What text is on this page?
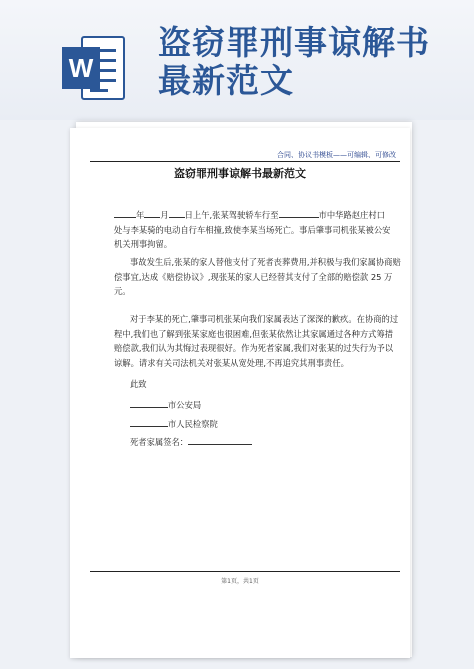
W
盗窃罪刑事谅解书
最新范文
合同、协议书模板——可编辑、可修改
盗窃罪刑事谅解书最新范文
年 月 日上午,张某驾驶轿车行至	市中华路赵庄村口
处与李某骑的电动自行车相撞,致使李某当场死亡。事后肇事司机张某被公安
机关刑事拘留。
事故发生后,张某的家人替他支付了死者丧葬费用,并积极与我们家属协商赔
偿事宜,达成《赔偿协议》,现张某的家人已经替其支付了全部的赔偿款 25 万
元。
对于李某的死亡,肇事司机张某向我们家属表达了深深的歉疚。在协商的过
程中,我们也了解到张某家庭也很困难,但张某依然让其家属通过各种方式筹措
赔偿款,我们认为其悔过表现很好。作为死者家属,我们对张某的过失行为予以
谅解。请求有关司法机关对张某从宽处理,不再追究其刑事责任。
此致
市公安局
市人民检察院
死者家属签名：
第1页，共1页
